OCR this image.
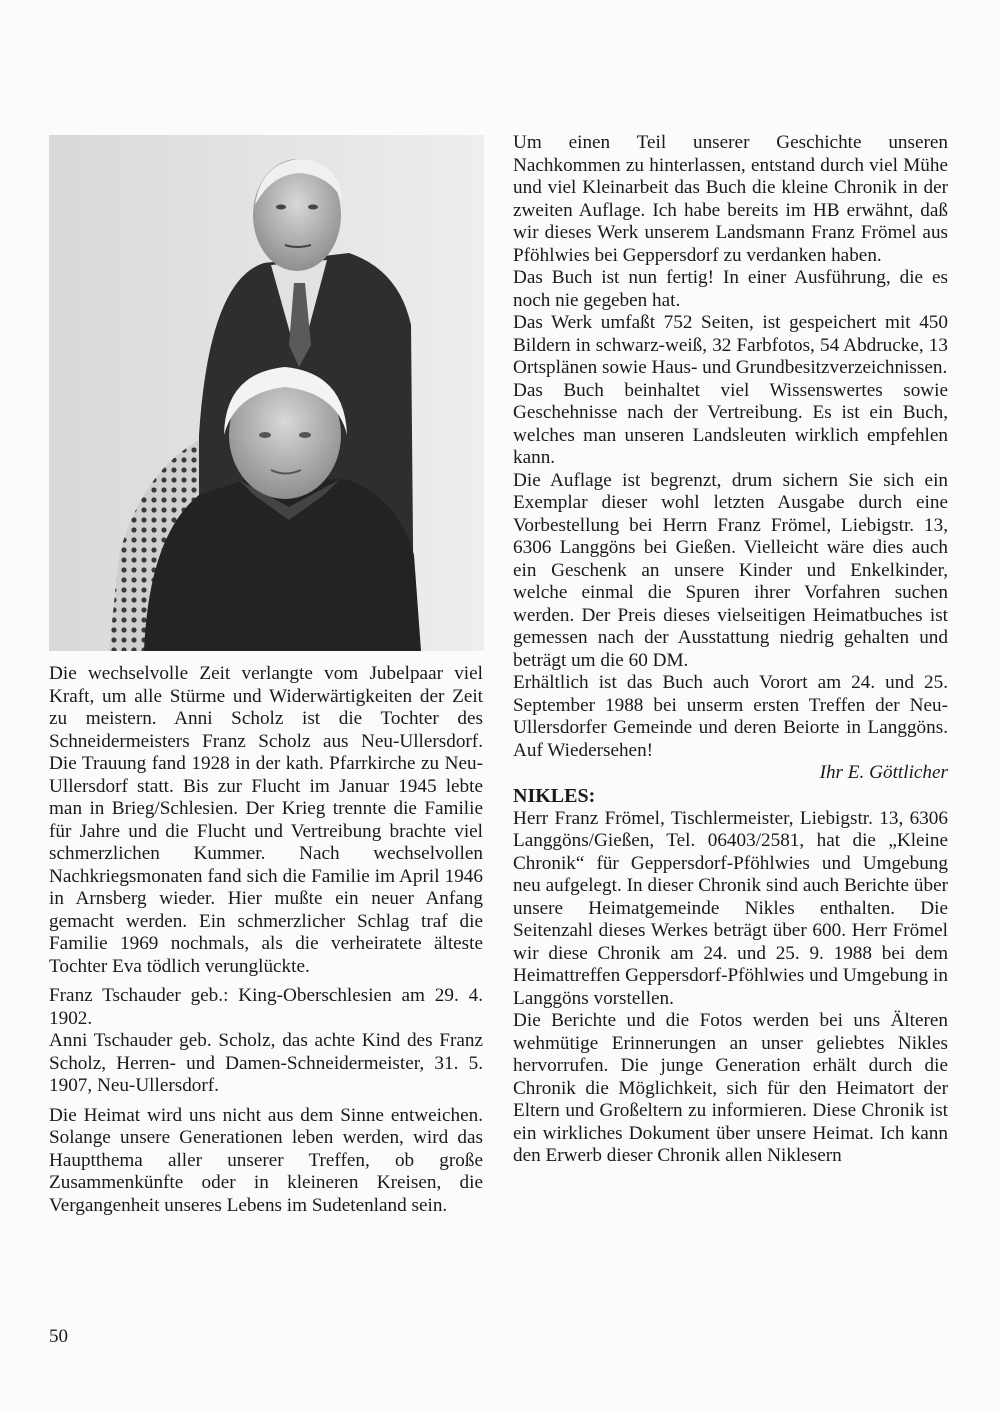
Die wechselvolle Zeit verlangte vom Jubelpaar viel Kraft, um alle Stürme und Widerwärtigkeiten der Zeit zu meistern. Anni Scholz ist die Tochter des Schneidermeisters Franz Scholz aus Neu-Ullersdorf. Die Trauung fand 1928 in der kath. Pfarrkirche zu Neu-Ullersdorf statt. Bis zur Flucht im Januar 1945 lebte man in Brieg/Schlesien. Der Krieg trennte die Familie für Jahre und die Flucht und Vertreibung brachte viel schmerzlichen Kummer. Nach wechselvollen Nachkriegsmonaten fand sich die Familie im April 1946 in Arnsberg wieder. Hier mußte ein neuer Anfang gemacht werden. Ein schmerzlicher Schlag traf die Familie 1969 nochmals, als die verheiratete älteste Tochter Eva tödlich verunglückte.

Franz Tschauder geb.: King-Oberschlesien am 29. 4. 1902.

Anni Tschauder geb. Scholz, das achte Kind des Franz Scholz, Herren- und Damen-Schneidermeister, 31. 5. 1907, Neu-Ullersdorf.

Die Heimat wird uns nicht aus dem Sinne entweichen. Solange unsere Generationen leben werden, wird das Hauptthema aller unserer Treffen, ob große Zusammenkünfte oder in kleineren Kreisen, die Vergangenheit unseres Lebens im Sudetenland sein.

Um einen Teil unserer Geschichte unseren Nachkommen zu hinterlassen, entstand durch viel Mühe und viel Kleinarbeit das Buch die kleine Chronik in der zweiten Auflage. Ich habe bereits im HB erwähnt, daß wir dieses Werk unserem Landsmann Franz Frömel aus Pföhlwies bei Geppersdorf zu verdanken haben.

Das Buch ist nun fertig! In einer Ausführung, die es noch nie gegeben hat.

Das Werk umfaßt 752 Seiten, ist gespeichert mit 450 Bildern in schwarz-weiß, 32 Farbfotos, 54 Abdrucke, 13 Ortsplänen sowie Haus- und Grundbesitzverzeichnissen.

Das Buch beinhaltet viel Wissenswertes sowie Geschehnisse nach der Vertreibung. Es ist ein Buch, welches man unseren Landsleuten wirklich empfehlen kann.

Die Auflage ist begrenzt, drum sichern Sie sich ein Exemplar dieser wohl letzten Ausgabe durch eine Vorbestellung bei Herrn Franz Frömel, Liebigstr. 13, 6306 Langgöns bei Gießen. Vielleicht wäre dies auch ein Geschenk an unsere Kinder und Enkelkinder, welche einmal die Spuren ihrer Vorfahren suchen werden. Der Preis dieses vielseitigen Heimatbuches ist gemessen nach der Ausstattung niedrig gehalten und beträgt um die 60 DM.

Erhältlich ist das Buch auch Vorort am 24. und 25. September 1988 bei unserm ersten Treffen der Neu-Ullersdorfer Gemeinde und deren Beiorte in Langgöns. Auf Wiedersehen!

Ihr E. Göttlicher

NIKLES:

Herr Franz Frömel, Tischlermeister, Liebigstr. 13, 6306 Langgöns/Gießen, Tel. 06403/2581, hat die „Kleine Chronik“ für Geppersdorf-Pföhlwies und Umgebung neu aufgelegt. In dieser Chronik sind auch Berichte über unsere Heimatgemeinde Nikles enthalten. Die Seitenzahl dieses Werkes beträgt über 600. Herr Frömel wir diese Chronik am 24. und 25. 9. 1988 bei dem Heimattreffen Geppersdorf-Pföhlwies und Umgebung in Langgöns vorstellen.

Die Berichte und die Fotos werden bei uns Älteren wehmütige Erinnerungen an unser geliebtes Nikles hervorrufen. Die junge Generation erhält durch die Chronik die Möglichkeit, sich für den Heimatort der Eltern und Großeltern zu informieren. Diese Chronik ist ein wirkliches Dokument über unsere Heimat. Ich kann den Erwerb dieser Chronik allen Niklesern

50
